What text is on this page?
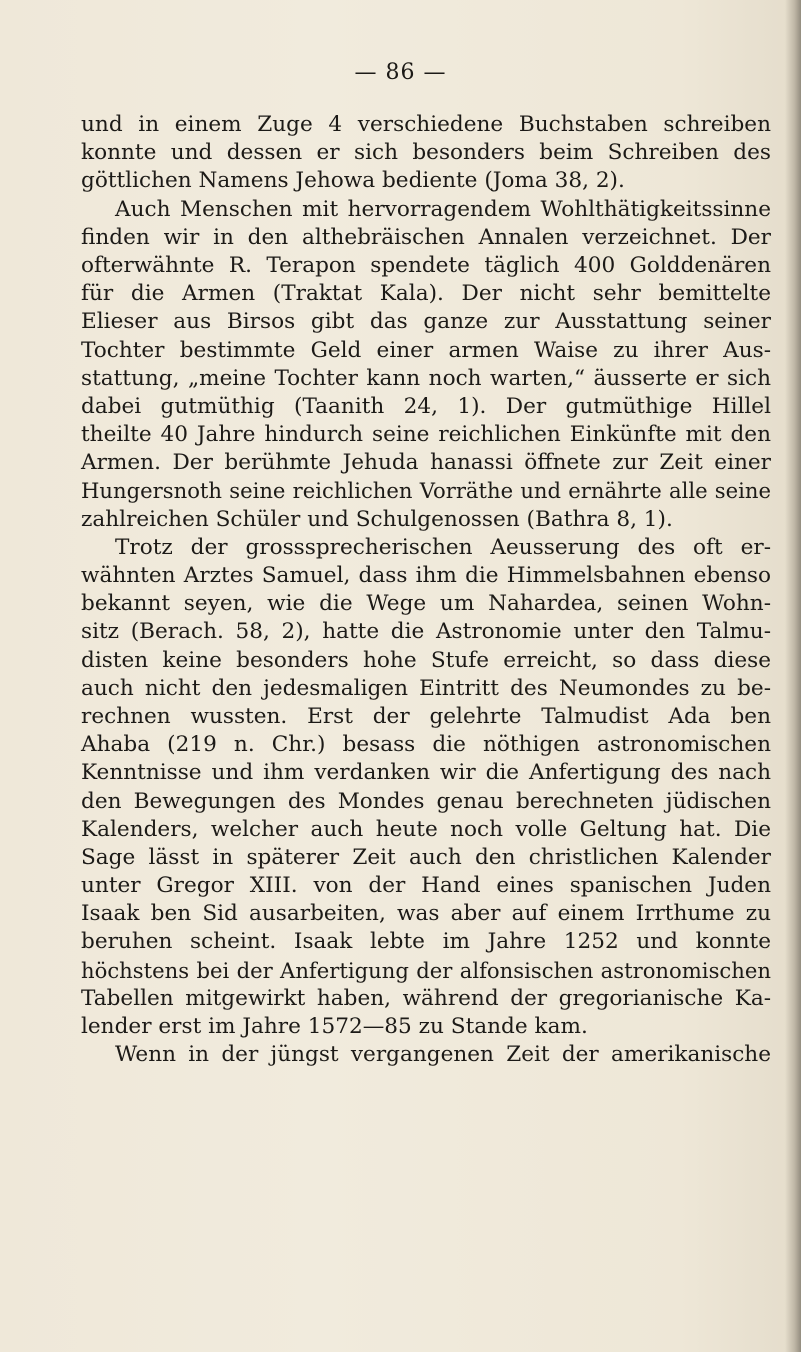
— 86 —
und in einem Zuge 4 verschiedene Buchstaben schreiben
konnte und dessen er sich besonders beim Schreiben des
göttlichen Namens Jehowa bediente (Joma 38, 2).
Auch Menschen mit hervorragendem Wohlthätigkeitssinne
finden wir in den althebräischen Annalen verzeichnet. Der
ofterwähnte R. Terapon spendete täglich 400 Golddenären
für die Armen (Traktat Kala). Der nicht sehr bemittelte
Elieser aus Birsos gibt das ganze zur Ausstattung seiner
Tochter bestimmte Geld einer armen Waise zu ihrer Aus-
stattung, „meine Tochter kann noch warten,“ äusserte er sich
dabei gutmüthig (Taanith 24, 1). Der gutmüthige Hillel
theilte 40 Jahre hindurch seine reichlichen Einkünfte mit den
Armen. Der berühmte Jehuda hanassi öffnete zur Zeit einer
Hungersnoth seine reichlichen Vorräthe und ernährte alle seine
zahlreichen Schüler und Schulgenossen (Bathra 8, 1).
Trotz der grosssprecherischen Aeusserung des oft er-
wähnten Arztes Samuel, dass ihm die Himmelsbahnen ebenso
bekannt seyen, wie die Wege um Nahardea, seinen Wohn-
sitz (Berach. 58, 2), hatte die Astronomie unter den Talmu-
disten keine besonders hohe Stufe erreicht, so dass diese
auch nicht den jedesmaligen Eintritt des Neumondes zu be-
rechnen wussten. Erst der gelehrte Talmudist Ada ben
Ahaba (219 n. Chr.) besass die nöthigen astronomischen
Kenntnisse und ihm verdanken wir die Anfertigung des nach
den Bewegungen des Mondes genau berechneten jüdischen
Kalenders, welcher auch heute noch volle Geltung hat. Die
Sage lässt in späterer Zeit auch den christlichen Kalender
unter Gregor XIII. von der Hand eines spanischen Juden
Isaak ben Sid ausarbeiten, was aber auf einem Irrthume zu
beruhen scheint. Isaak lebte im Jahre 1252 und konnte
höchstens bei der Anfertigung der alfonsischen astronomischen
Tabellen mitgewirkt haben, während der gregorianische Ka-
lender erst im Jahre 1572—85 zu Stande kam.
Wenn in der jüngst vergangenen Zeit der amerikanische
